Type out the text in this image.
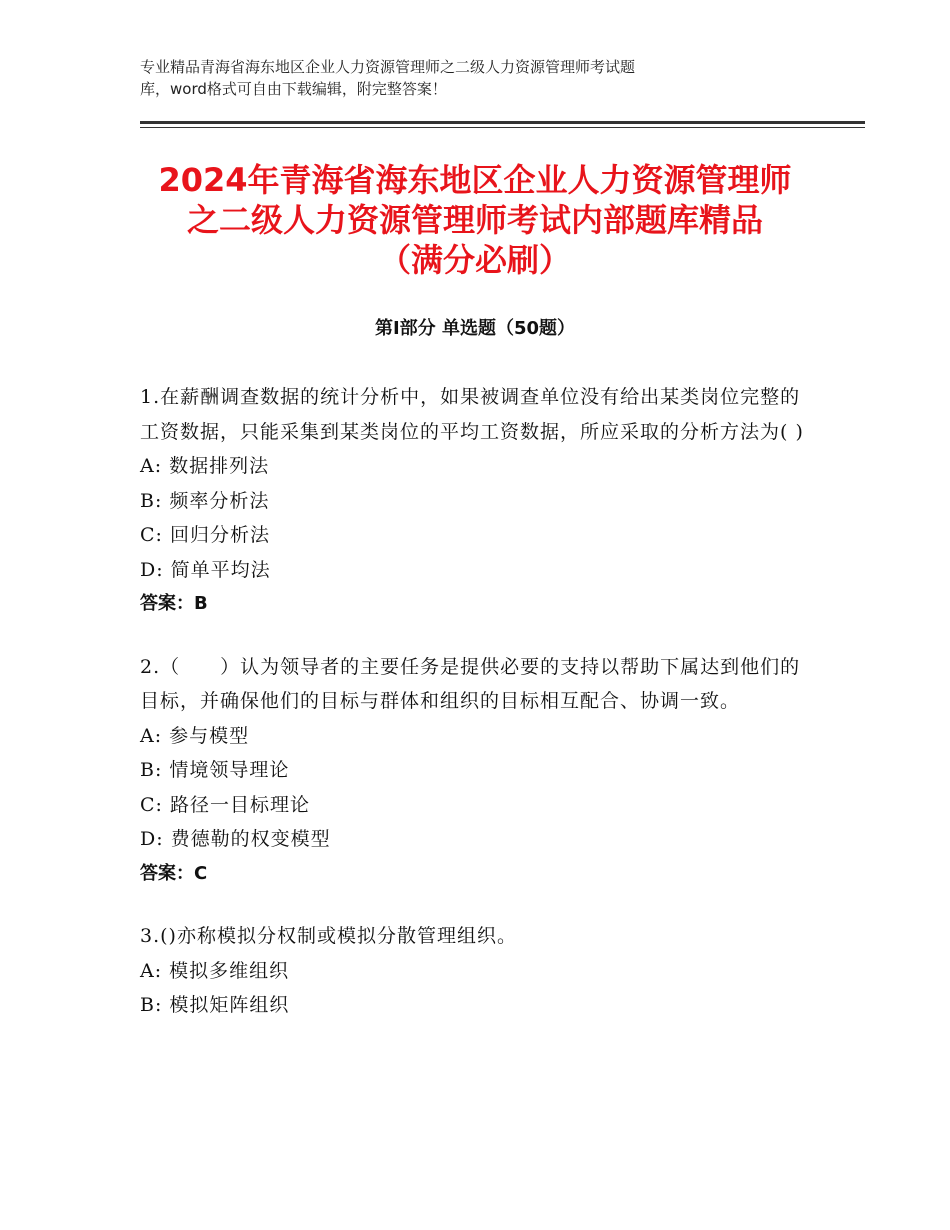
专业精品青海省海东地区企业人力资源管理师之二级人力资源管理师考试题
库，word格式可自由下载编辑，附完整答案！
2024年青海省海东地区企业人力资源管理师
之二级人力资源管理师考试内部题库精品
（满分必刷）
第Ⅰ部分 单选题（50题）

1.在薪酬调查数据的统计分析中，如果被调查单位没有给出某类岗位完整的工资数据，只能采集到某类岗位的平均工资数据，所应采取的分析方法为( )

A: 数据排列法

B: 频率分析法

C: 回归分析法

D: 简单平均法

答案：B

2.（　　）认为领导者的主要任务是提供必要的支持以帮助下属达到他们的目标，并确保他们的目标与群体和组织的目标相互配合、协调一致。

A: 参与模型

B: 情境领导理论

C: 路径一目标理论

D: 费德勒的权变模型

答案：C

3.()亦称模拟分权制或模拟分散管理组织。

A: 模拟多维组织

B: 模拟矩阵组织
